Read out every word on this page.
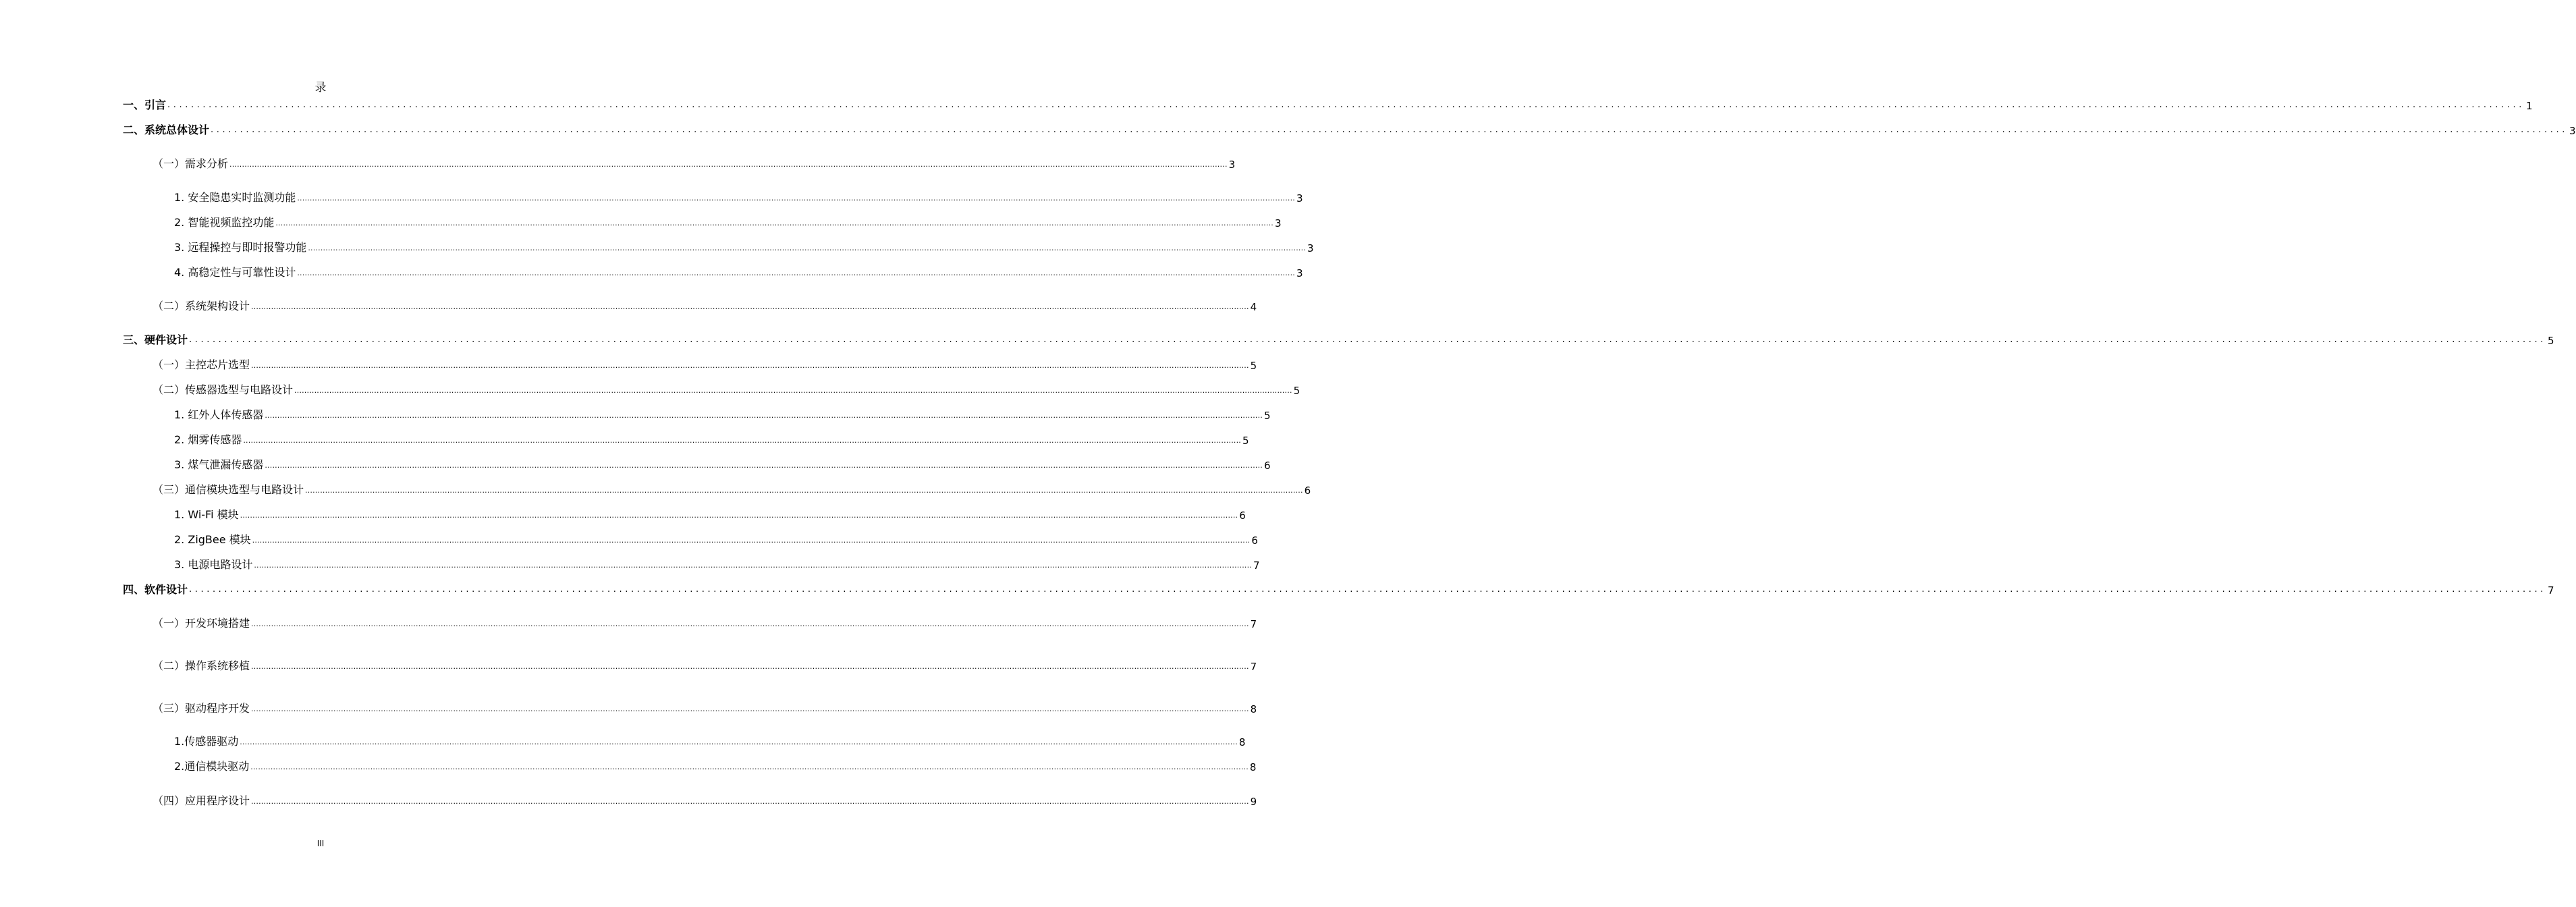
录
一、引言 ................................................................................................................................................................................................................................................................................................................................................................................................................ 1
二、系统总体设计 ................................................................................................................................................................................................................................................................................................................................................................................................................ 3
（一）需求分析 ................................................................................................................................................................................................................................................................................................................................................................................................................ 3
1. 安全隐患实时监测功能 ................................................................................................................................................................................................................................................................................................................................................................................................................ 3
2. 智能视频监控功能 ................................................................................................................................................................................................................................................................................................................................................................................................................ 3
3. 远程操控与即时报警功能 ................................................................................................................................................................................................................................................................................................................................................................................................................ 3
4. 高稳定性与可靠性设计 ................................................................................................................................................................................................................................................................................................................................................................................................................ 3
（二）系统架构设计 ................................................................................................................................................................................................................................................................................................................................................................................................................ 4
三、硬件设计 ................................................................................................................................................................................................................................................................................................................................................................................................................ 5
（一）主控芯片选型 ................................................................................................................................................................................................................................................................................................................................................................................................................ 5
（二）传感器选型与电路设计 ................................................................................................................................................................................................................................................................................................................................................................................................................ 5
1. 红外人体传感器 ................................................................................................................................................................................................................................................................................................................................................................................................................ 5
2. 烟雾传感器 ................................................................................................................................................................................................................................................................................................................................................................................................................ 5
3. 煤气泄漏传感器 ................................................................................................................................................................................................................................................................................................................................................................................................................ 6
（三）通信模块选型与电路设计 ................................................................................................................................................................................................................................................................................................................................................................................................................ 6
1. Wi-Fi 模块 ................................................................................................................................................................................................................................................................................................................................................................................................................ 6
2. ZigBee 模块 ................................................................................................................................................................................................................................................................................................................................................................................................................ 6
3. 电源电路设计 ................................................................................................................................................................................................................................................................................................................................................................................................................ 7
四、软件设计 ................................................................................................................................................................................................................................................................................................................................................................................................................ 7
（一）开发环境搭建 ................................................................................................................................................................................................................................................................................................................................................................................................................ 7
（二）操作系统移植 ................................................................................................................................................................................................................................................................................................................................................................................................................ 7
（三）驱动程序开发 ................................................................................................................................................................................................................................................................................................................................................................................................................ 8
1.传感器驱动 ................................................................................................................................................................................................................................................................................................................................................................................................................ 8
2.通信模块驱动 ................................................................................................................................................................................................................................................................................................................................................................................................................ 8
（四）应用程序设计 ................................................................................................................................................................................................................................................................................................................................................................................................................ 9
III
